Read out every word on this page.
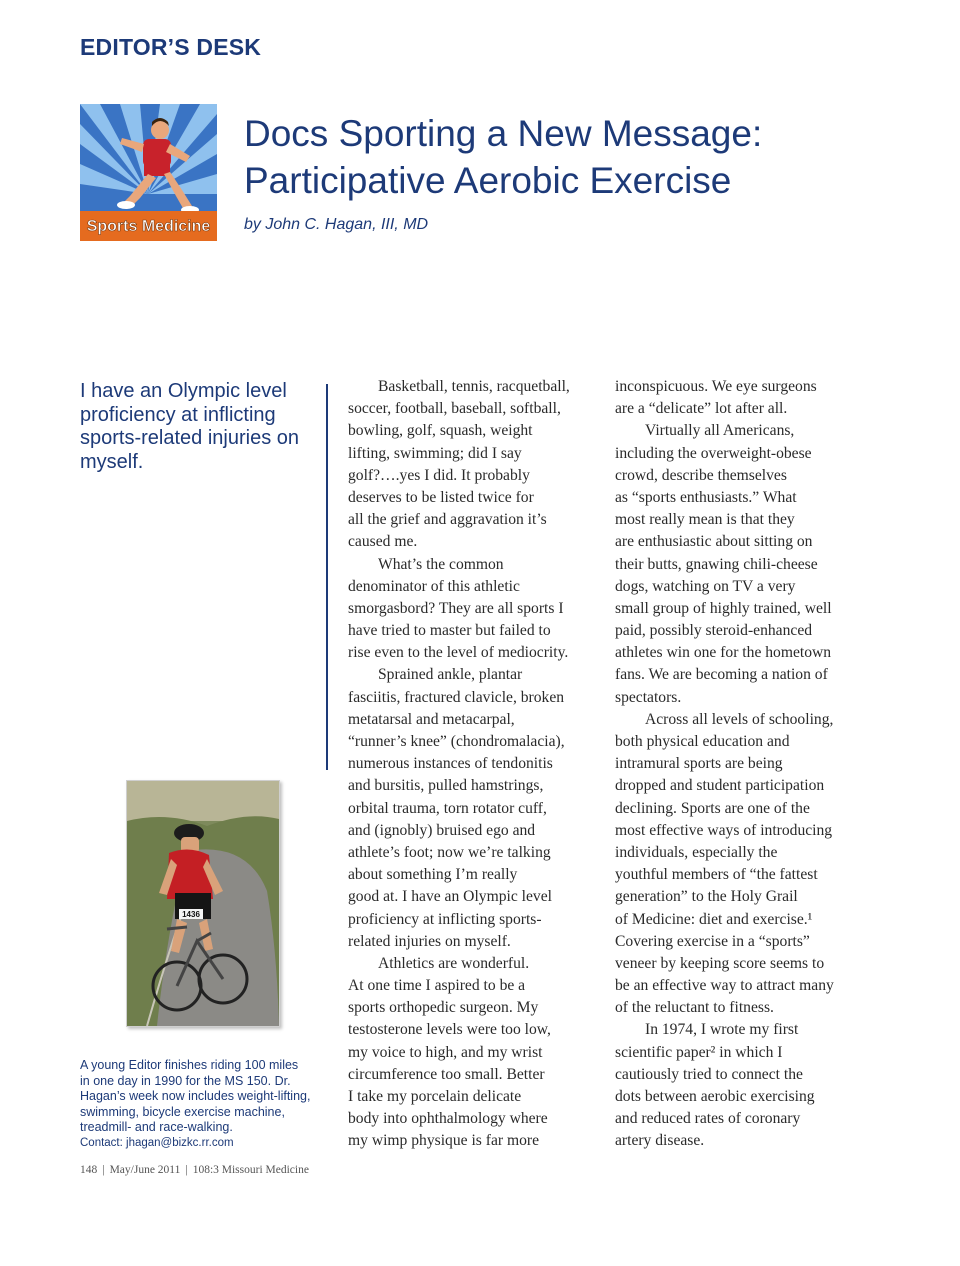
EDITOR’S DESK
Sports Medicine
Docs Sporting a New Message:
Participative Aerobic Exercise
by John C. Hagan, III, MD
I have an Olympic level
proficiency at inflicting
sports-related injuries on
myself.
1436
A young Editor finishes riding 100 miles
in one day in 1990 for the MS 150. Dr.
Hagan’s week now includes weight-lifting,
swimming, bicycle exercise machine,
treadmill- and race-walking.
Contact: jhagan@bizkc.rr.com
Basketball, tennis, racquetball,
soccer, football, baseball, softball,
bowling, golf, squash, weight
lifting, swimming; did I say
golf?….yes I did. It probably
deserves to be listed twice for
all the grief and aggravation it’s
caused me.
What’s the common
denominator of this athletic
smorgasbord? They are all sports I
have tried to master but failed to
rise even to the level of mediocrity.
Sprained ankle, plantar
fasciitis, fractured clavicle, broken
metatarsal and metacarpal,
“runner’s knee” (chondromalacia),
numerous instances of tendonitis
and bursitis, pulled hamstrings,
orbital trauma, torn rotator cuff,
and (ignobly) bruised ego and
athlete’s foot; now we’re talking
about something I’m really
good at. I have an Olympic level
proficiency at inflicting sports-
related injuries on myself.
Athletics are wonderful.
At one time I aspired to be a
sports orthopedic surgeon. My
testosterone levels were too low,
my voice to high, and my wrist
circumference too small. Better
I take my porcelain delicate
body into ophthalmology where
my wimp physique is far more
inconspicuous. We eye surgeons
are a “delicate” lot after all.
Virtually all Americans,
including the overweight-obese
crowd, describe themselves
as “sports enthusiasts.” What
most really mean is that they
are enthusiastic about sitting on
their butts, gnawing chili-cheese
dogs, watching on TV a very
small group of highly trained, well
paid, possibly steroid-enhanced
athletes win one for the hometown
fans. We are becoming a nation of
spectators.
Across all levels of schooling,
both physical education and
intramural sports are being
dropped and student participation
declining. Sports are one of the
most effective ways of introducing
individuals, especially the
youthful members of “the fattest
generation” to the Holy Grail
of Medicine: diet and exercise.¹
Covering exercise in a “sports”
veneer by keeping score seems to
be an effective way to attract many
of the reluctant to fitness.
In 1974, I wrote my first
scientific paper² in which I
cautiously tried to connect the
dots between aerobic exercising
and reduced rates of coronary
artery disease.
148 | May/June 2011 | 108:3 Missouri Medicine
